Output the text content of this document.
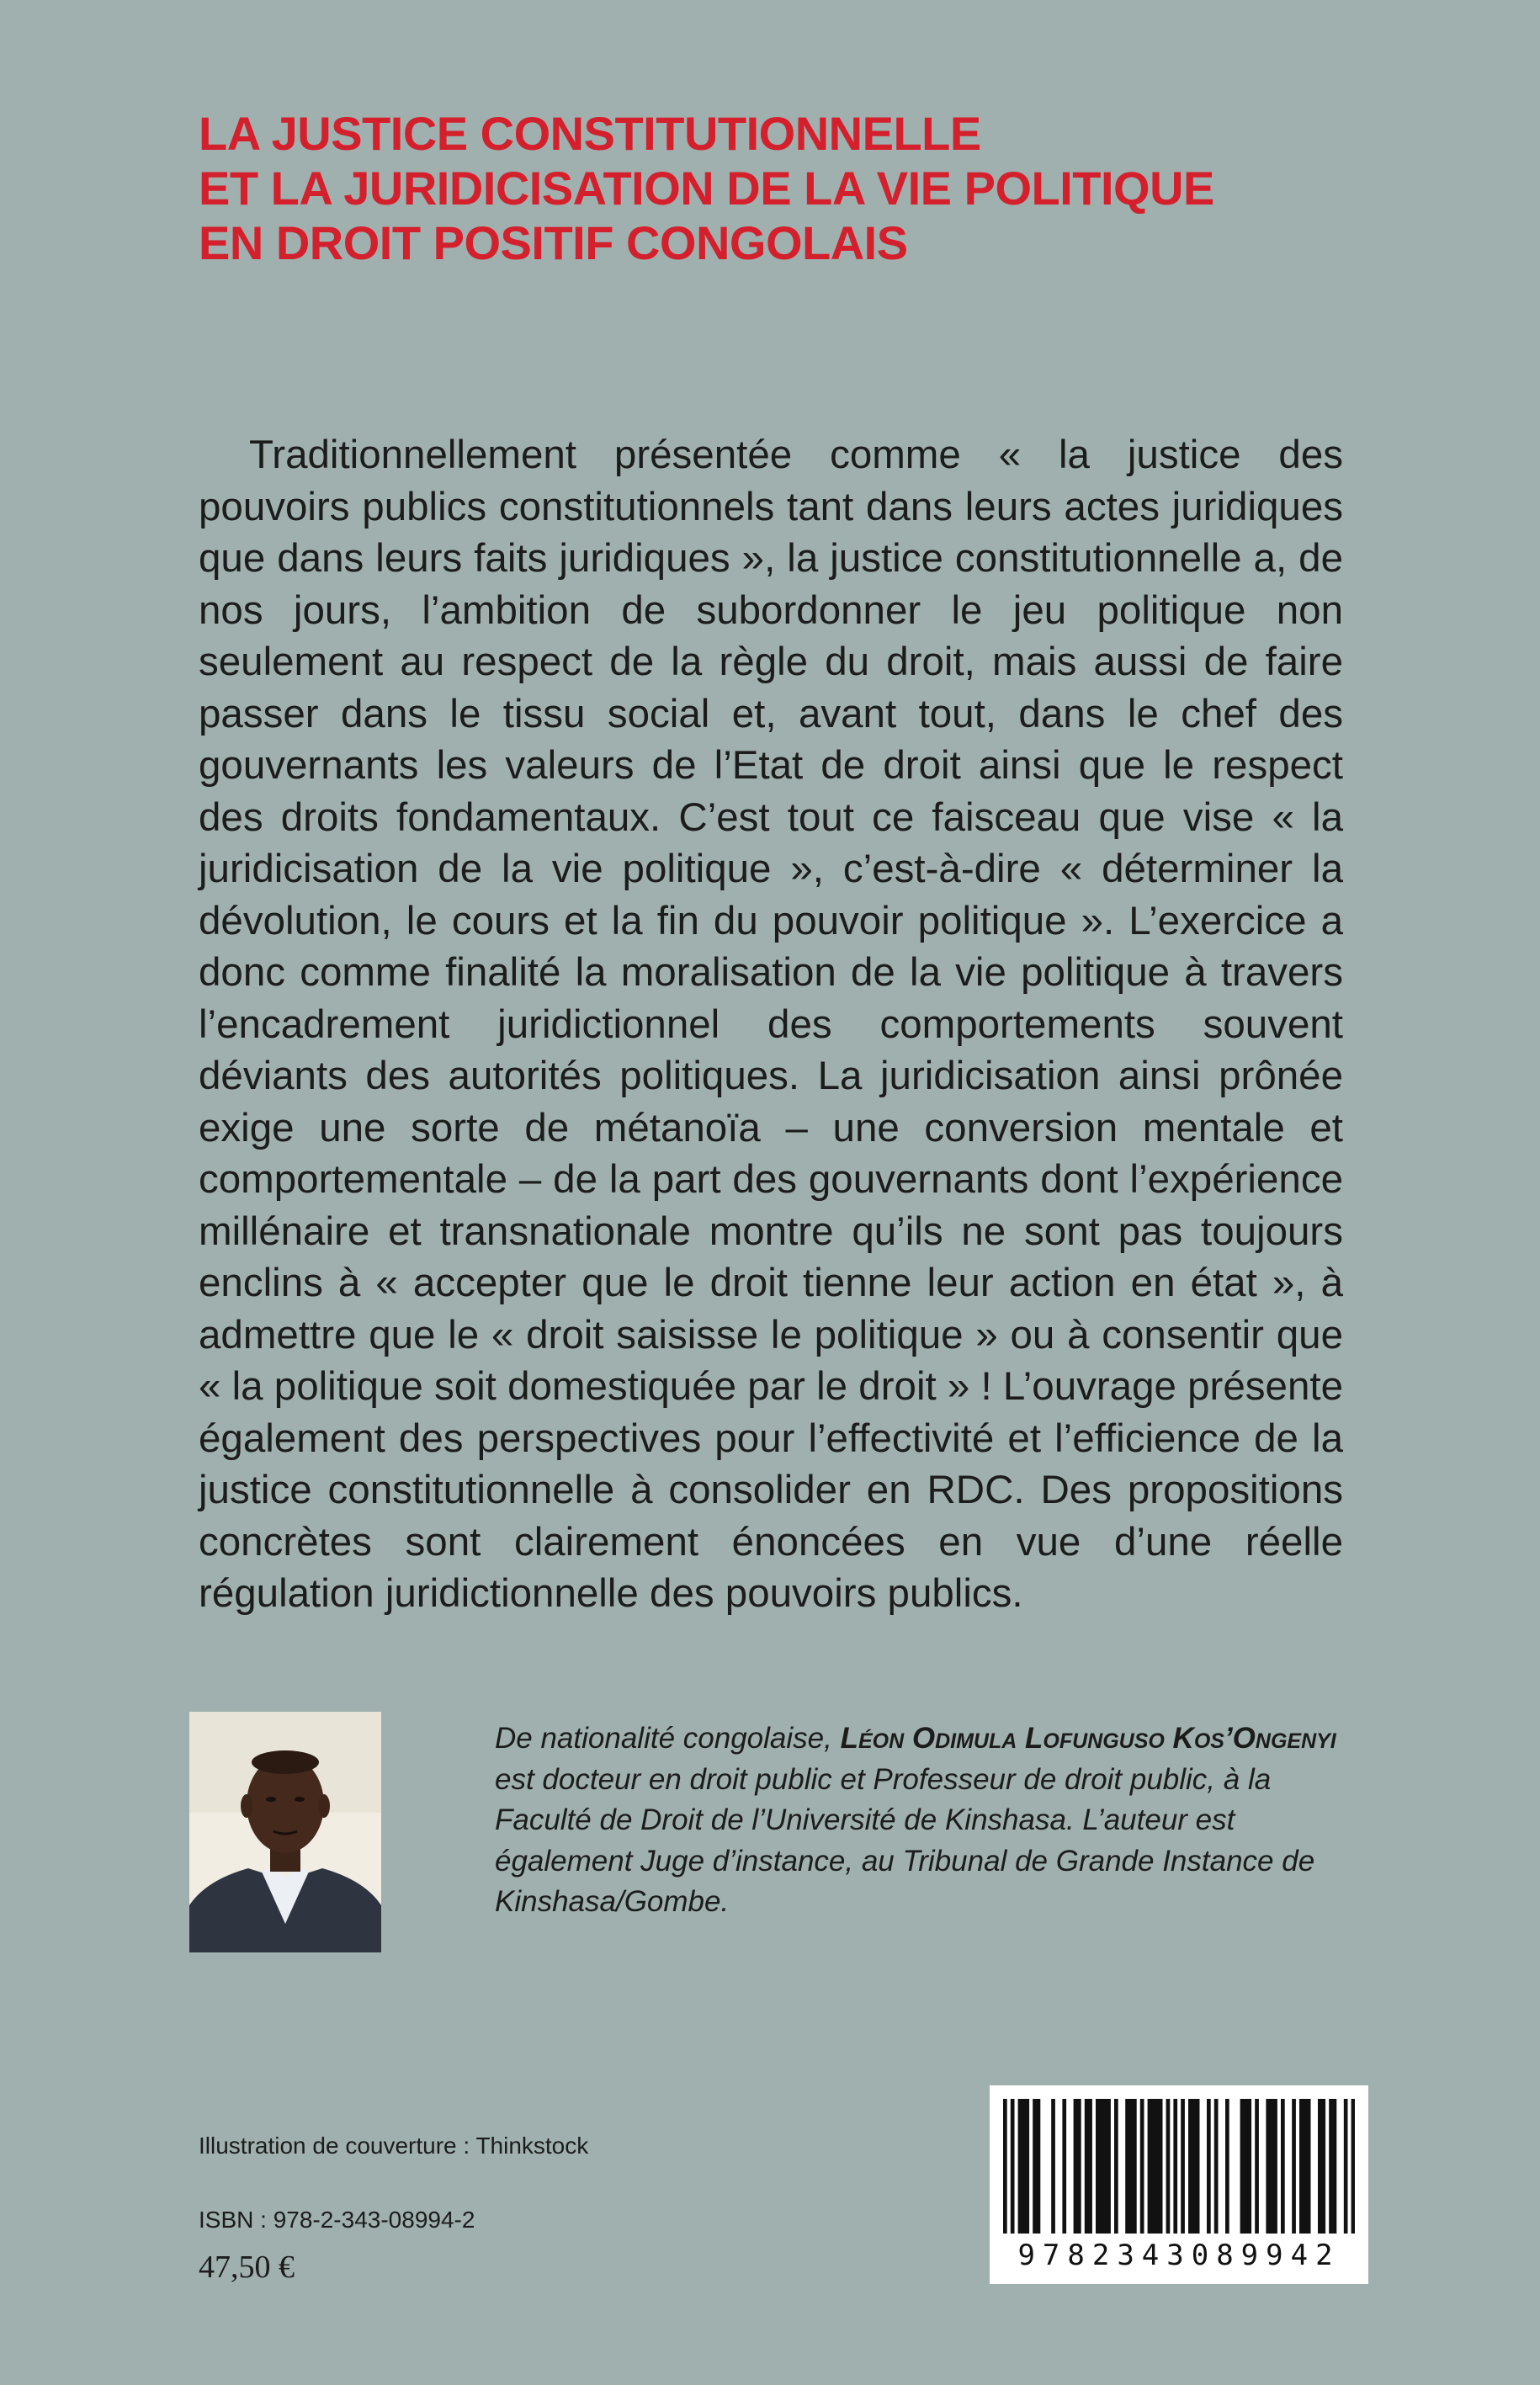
LA JUSTICE CONSTITUTIONNELLE
ET LA JURIDICISATION DE LA VIE POLITIQUE
EN DROIT POSITIF CONGOLAIS

Traditionnellement présentée comme « la justice des pouvoirs publics constitutionnels tant dans leurs actes juridiques que dans leurs faits juridiques », la justice constitutionnelle a, de nos jours, l’ambition de subordonner le jeu politique non seulement au respect de la règle du droit, mais aussi de faire passer dans le tissu social et, avant tout, dans le chef des gouvernants les valeurs de l’Etat de droit ainsi que le respect des droits fondamentaux. C’est tout ce faisceau que vise « la juridicisation de la vie politique », c’est-à-dire « déterminer la dévolution, le cours et la fin du pouvoir politique ». L’exercice a donc comme finalité la moralisation de la vie politique à travers l’encadrement juridictionnel des comportements souvent déviants des autorités politiques. La juridicisation ainsi prônée exige une sorte de métanoïa – une conversion mentale et comportementale – de la part des gouvernants dont l’expérience millénaire et transnationale montre qu’ils ne sont pas toujours enclins à « accepter que le droit tienne leur action en état », à admettre que le « droit saisisse le politique » ou à consentir que « la politique soit domestiquée par le droit » ! L’ouvrage présente également des perspectives pour l’effectivité et l’efficience de la justice constitutionnelle à consolider en RDC. Des propositions concrètes sont clairement énoncées en vue d’une réelle régulation juridictionnelle des pouvoirs publics.

De nationalité congolaise, Léon Odimula Lofunguso Kos’Ongenyi est docteur en droit public et Professeur de droit public, à la Faculté de Droit de l’Université de Kinshasa. L’auteur est également Juge d’instance, au Tribunal de Grande Instance de Kinshasa/Gombe.

Illustration de couverture : Thinkstock

ISBN : 978-2-343-08994-2

47,50 €	9782343089942
